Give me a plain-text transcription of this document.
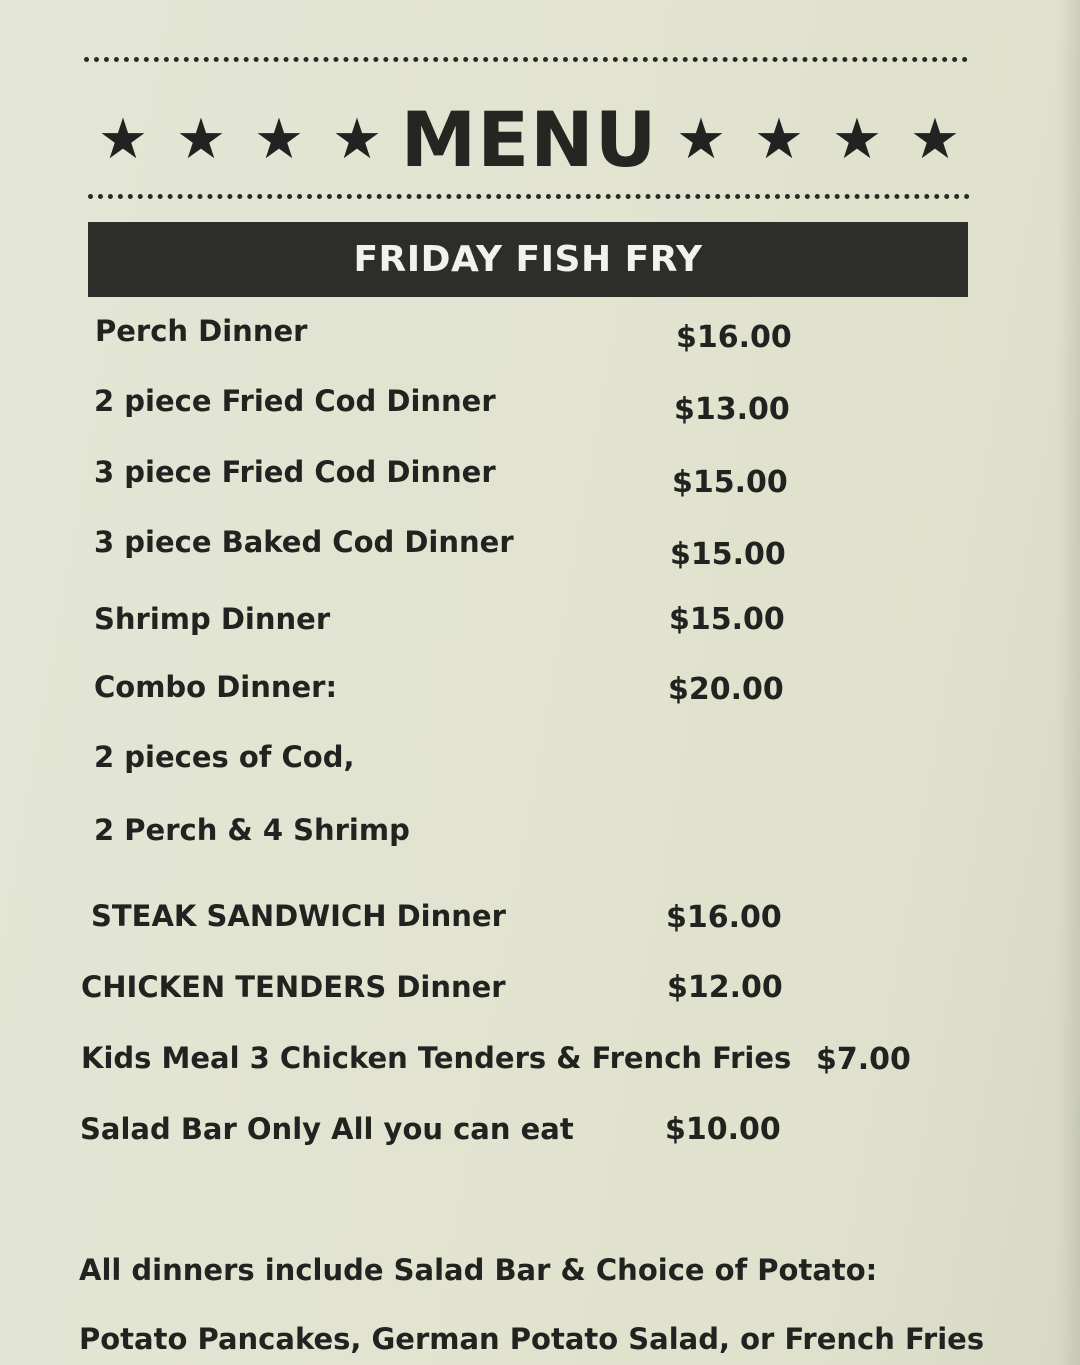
★ ★ ★ ★ MENU ★ ★ ★ ★
FRIDAY FISH FRY
Perch Dinner	$16.00
2 piece Fried Cod Dinner	$13.00
3 piece Fried Cod Dinner	$15.00
3 piece Baked Cod Dinner	$15.00
Shrimp Dinner	$15.00
Combo Dinner:	$20.00
2 pieces of Cod,
2 Perch & 4 Shrimp
STEAK SANDWICH Dinner	$16.00
CHICKEN TENDERS Dinner	$12.00
Kids Meal 3 Chicken Tenders & French Fries $7.00
Salad Bar Only All you can eat	$10.00
All dinners include Salad Bar & Choice of Potato:
Potato Pancakes, German Potato Salad, or French Fries
